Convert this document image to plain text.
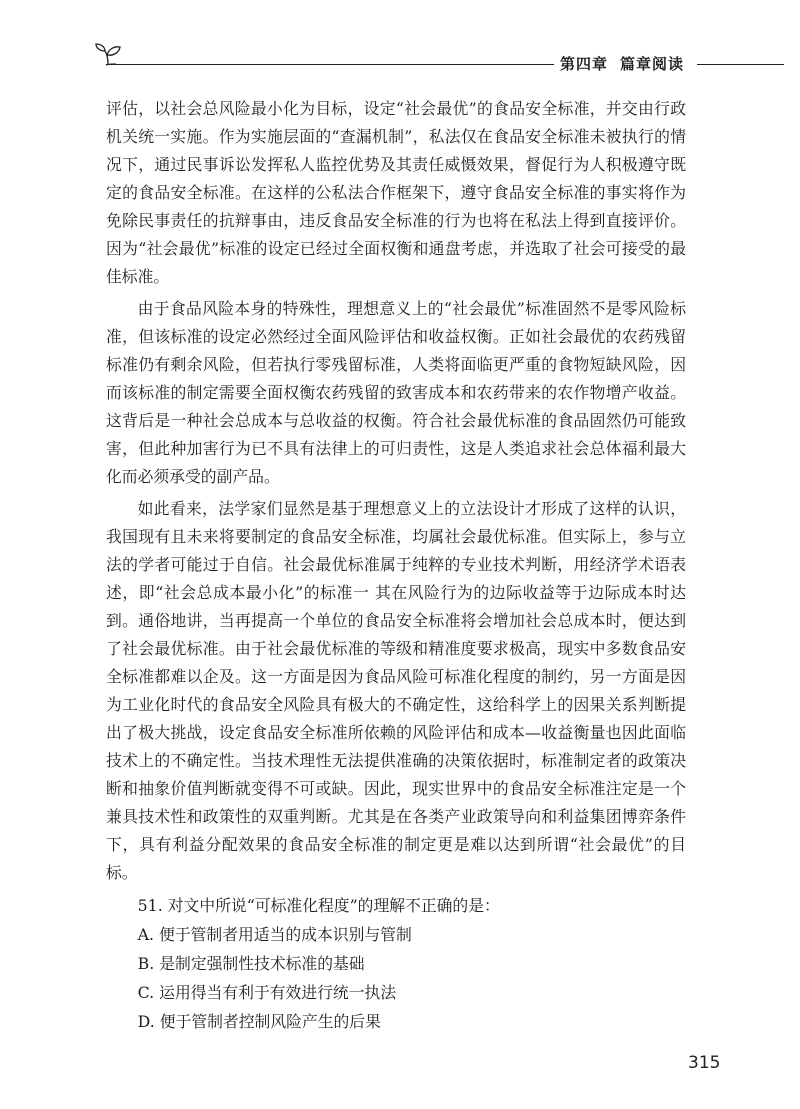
第四章 篇章阅读

评估，以社会总风险最小化为目标，设定“社会最优”的食品安全标准，并交由行政机关统一实施。作为实施层面的“查漏机制”，私法仅在食品安全标准未被执行的情况下，通过民事诉讼发挥私人监控优势及其责任威慑效果，督促行为人积极遵守既定的食品安全标准。在这样的公私法合作框架下，遵守食品安全标准的事实将作为免除民事责任的抗辩事由，违反食品安全标准的行为也将在私法上得到直接评价。因为“社会最优”标准的设定已经过全面权衡和通盘考虑，并选取了社会可接受的最佳标准。

由于食品风险本身的特殊性，理想意义上的“社会最优”标准固然不是零风险标准，但该标准的设定必然经过全面风险评估和收益权衡。正如社会最优的农药残留标准仍有剩余风险，但若执行零残留标准，人类将面临更严重的食物短缺风险，因而该标准的制定需要全面权衡农药残留的致害成本和农药带来的农作物增产收益。这背后是一种社会总成本与总收益的权衡。符合社会最优标准的食品固然仍可能致害，但此种加害行为已不具有法律上的可归责性，这是人类追求社会总体福利最大化而必须承受的副产品。

如此看来，法学家们显然是基于理想意义上的立法设计才形成了这样的认识，我国现有且未来将要制定的食品安全标准，均属社会最优标准。但实际上，参与立法的学者可能过于自信。社会最优标准属于纯粹的专业技术判断，用经济学术语表述，即“社会总成本最小化”的标准一 其在风险行为的边际收益等于边际成本时达到。通俗地讲，当再提高一个单位的食品安全标准将会增加社会总成本时，便达到了社会最优标准。由于社会最优标准的等级和精准度要求极高，现实中多数食品安全标准都难以企及。这一方面是因为食品风险可标准化程度的制约，另一方面是因为工业化时代的食品安全风险具有极大的不确定性，这给科学上的因果关系判断提出了极大挑战，设定食品安全标准所依赖的风险评估和成本—收益衡量也因此面临技术上的不确定性。当技术理性无法提供准确的决策依据时，标准制定者的政策决断和抽象价值判断就变得不可或缺。因此，现实世界中的食品安全标准注定是一个兼具技术性和政策性的双重判断。尤其是在各类产业政策导向和利益集团博弈条件下，具有利益分配效果的食品安全标准的制定更是难以达到所谓“社会最优”的目标。

51. 对文中所说“可标准化程度”的理解不正确的是：

A. 便于管制者用适当的成本识别与管制

B. 是制定强制性技术标准的基础

C. 运用得当有利于有效进行统一执法

D. 便于管制者控制风险产生的后果

315
